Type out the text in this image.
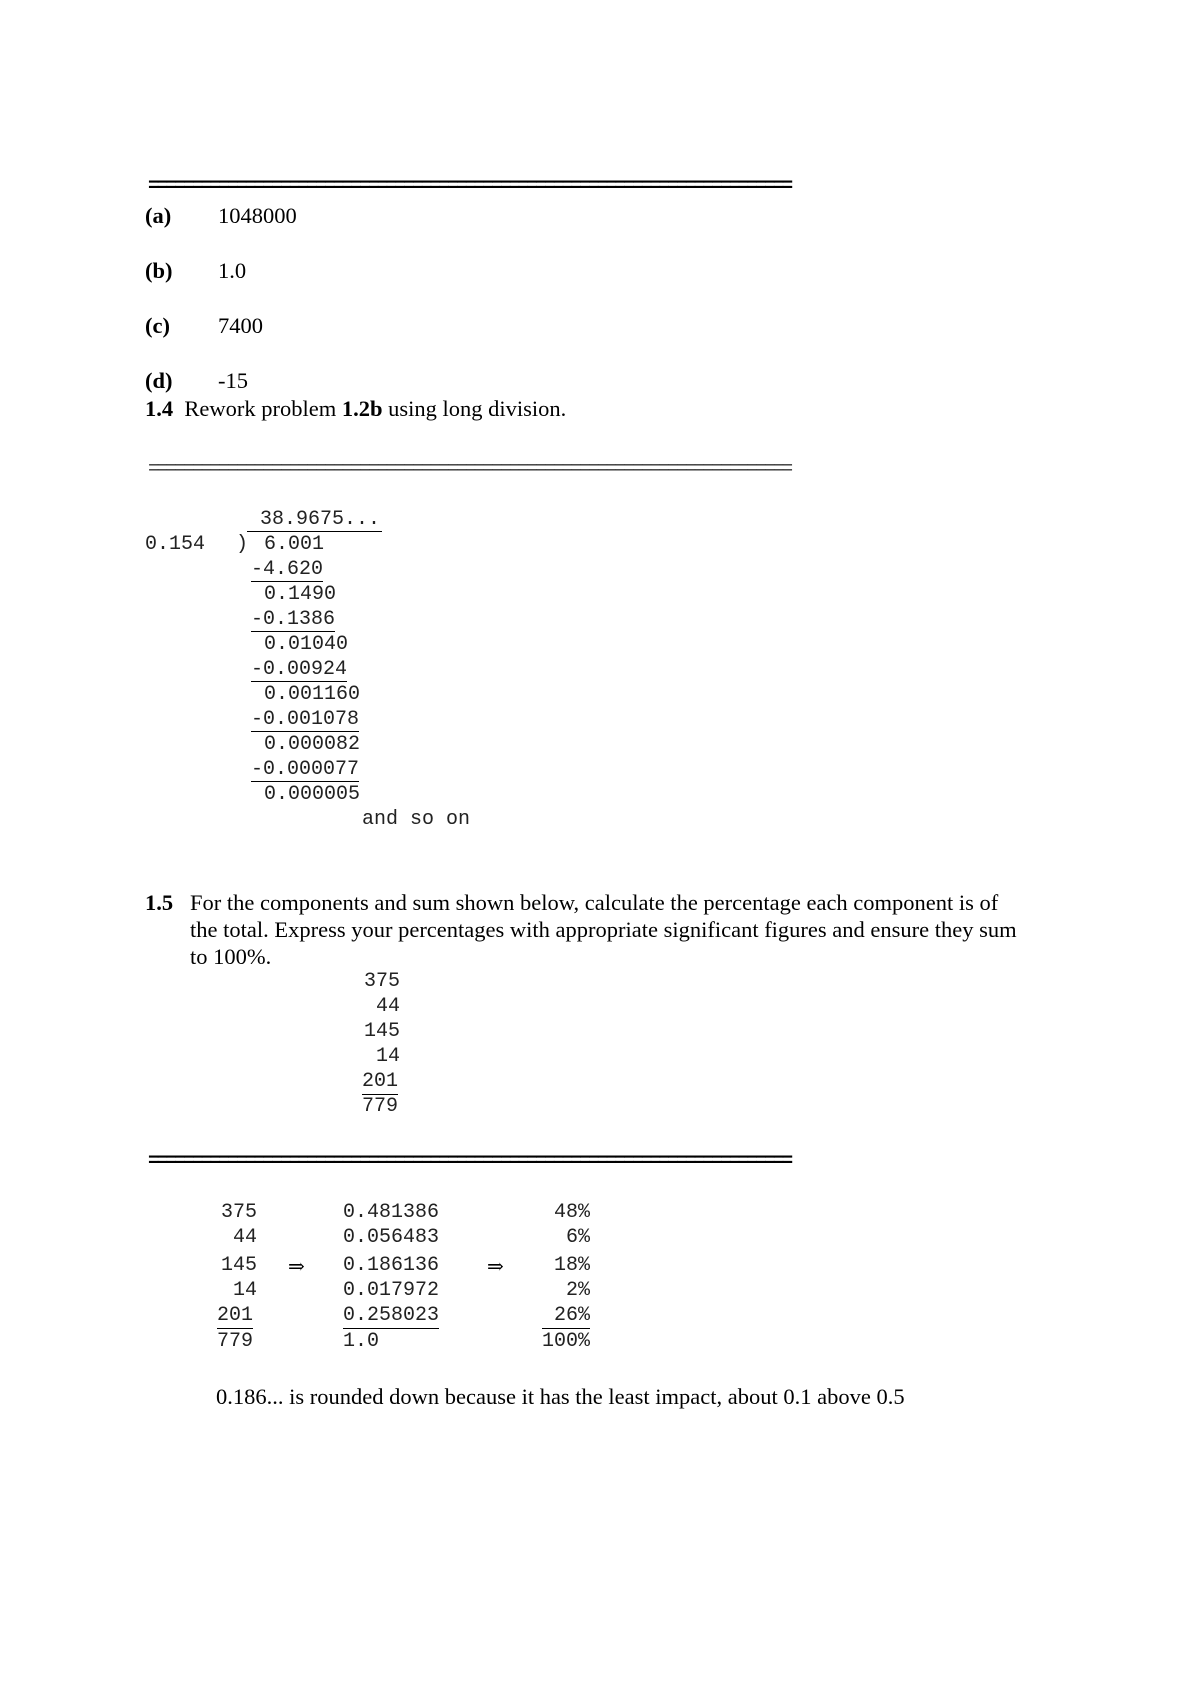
=========================================================================
(a) 1048000
(b) 1.0
(c) 7400
(d) -15
1.4 Rework problem 1.2b using long division.
=========================================================================
38.9675...
0.154 ) 6.001
-4.620
0.1490
-0.1386
0.01040
-0.00924
0.001160
-0.001078
0.000082
-0.000077
0.000005
and so on
1.5 For the components and sum shown below, calculate the percentage each component is of
the total. Express your percentages with appropriate significant figures and ensure they sum
to 100%.
375
44
145
14
201
779
=========================================================================
375
44
145
14
201
779
⇒	⇒
0.481386
0.056483
0.186136
0.017972
0.258023
1.0
48%
6%
18%
2%
26%
100%
0.186... is rounded down because it has the least impact, about 0.1 above 0.5
